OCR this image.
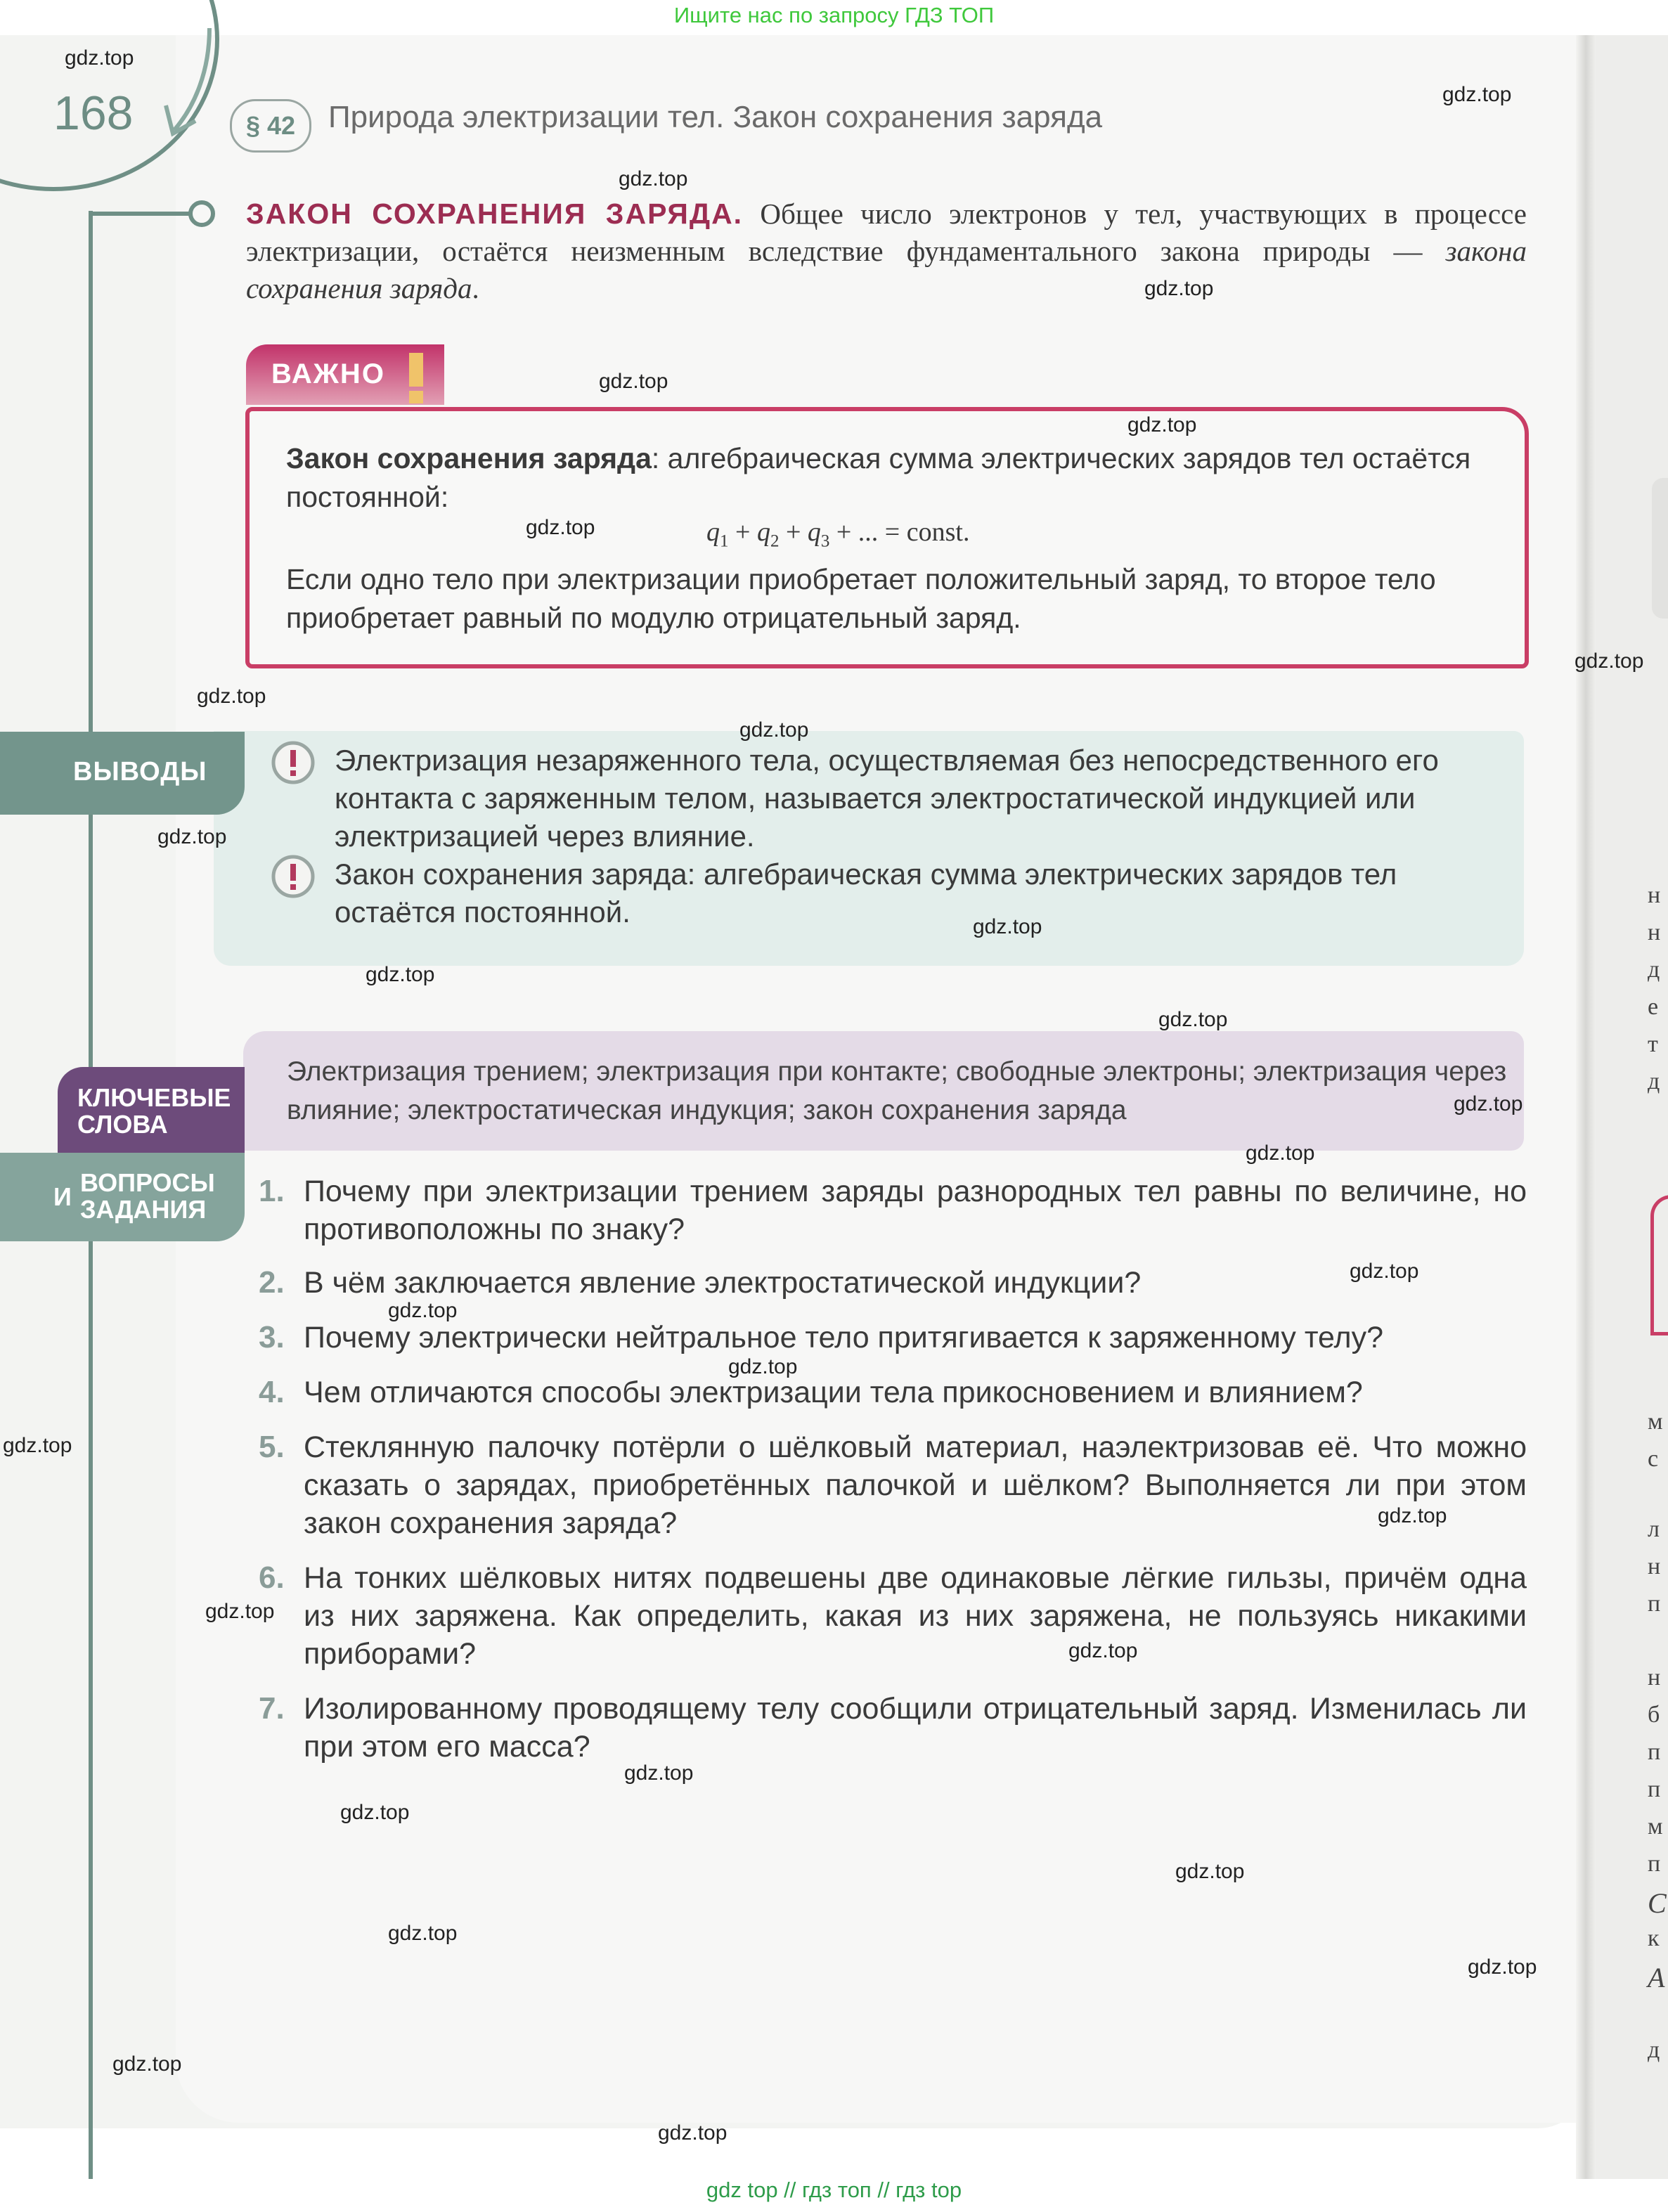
Ищите нас по запросу ГДЗ ТОП
168	§ 42	Природа электризации тел. Закон сохранения заряда
ЗАКОН СОХРАНЕНИЯ ЗАРЯДА. Общее число электронов у тел, участвующих в процессе электризации, остаётся неизменным вследствие фундаментального закона природы — закона сохранения заряда.
ВАЖНО
Закон сохранения заряда: алгебраическая сумма электрических зарядов тел остаётся постоянной:
$q_1 + q_2 + q_3$ + ... = const.
Если одно тело при электризации приобретает положительный заряд, то второе тело приобретает равный по модулю отрицательный заряд.
ВЫВОДЫ	Электризация незаряженного тела, осуществляемая без непосредственного его контакта с заряженным телом, называется электростатической индукцией или электризацией через влияние.
Закон сохранения заряда: алгебраическая сумма электрических зарядов тел остаётся постоянной.
Электризация трением; электризация при контакте; свободные электроны; электризация через влияние; электростатическая индукция; закон сохранения заряда
КЛЮЧЕВЫЕ
СЛОВА
И ВОПРОСЫ
ЗАДАНИЯ
1. Почему при электризации трением заряды разнородных тел равны по величине, но противоположны по знаку?
2. В чём заключается явление электростатической индукции?
3. Почему электрически нейтральное тело притягивается к заряженному телу?
4. Чем отличаются способы электризации тела прикосновением и влиянием?
5. Стеклянную палочку потёрли о шёлковый материал, наэлектризовав её. Что можно сказать о зарядах, приобретённых палочкой и шёлком? Выполняется ли при этом закон сохранения заряда?
6. На тонких шёлковых нитях подвешены две одинаковые лёгкие гильзы, причём одна из них заряжена. Как определить, какая из них заряжена, не пользуясь никакими приборами?
7. Изолированному проводящему телу сообщили отрицательный заряд. Изменилась ли при этом его масса?
н
н
д
е
т
д
м
с
л
н
п
н
б
п
п
м
п
С
к
А
д
gdz.top
gdz.top
gdz.top
gdz.top
gdz.top
gdz.top
gdz.top
gdz.top
gdz.top
gdz.top
gdz.top
gdz.top
gdz.top
gdz.top
gdz.top
gdz.top
gdz.top
gdz.top
gdz.top
gdz.top
gdz.top
gdz.top
gdz.top
gdz.top
gdz.top
gdz.top
gdz.top
gdz.top
gdz.top
gdz.top
gdz top // гдз топ // гдз top
